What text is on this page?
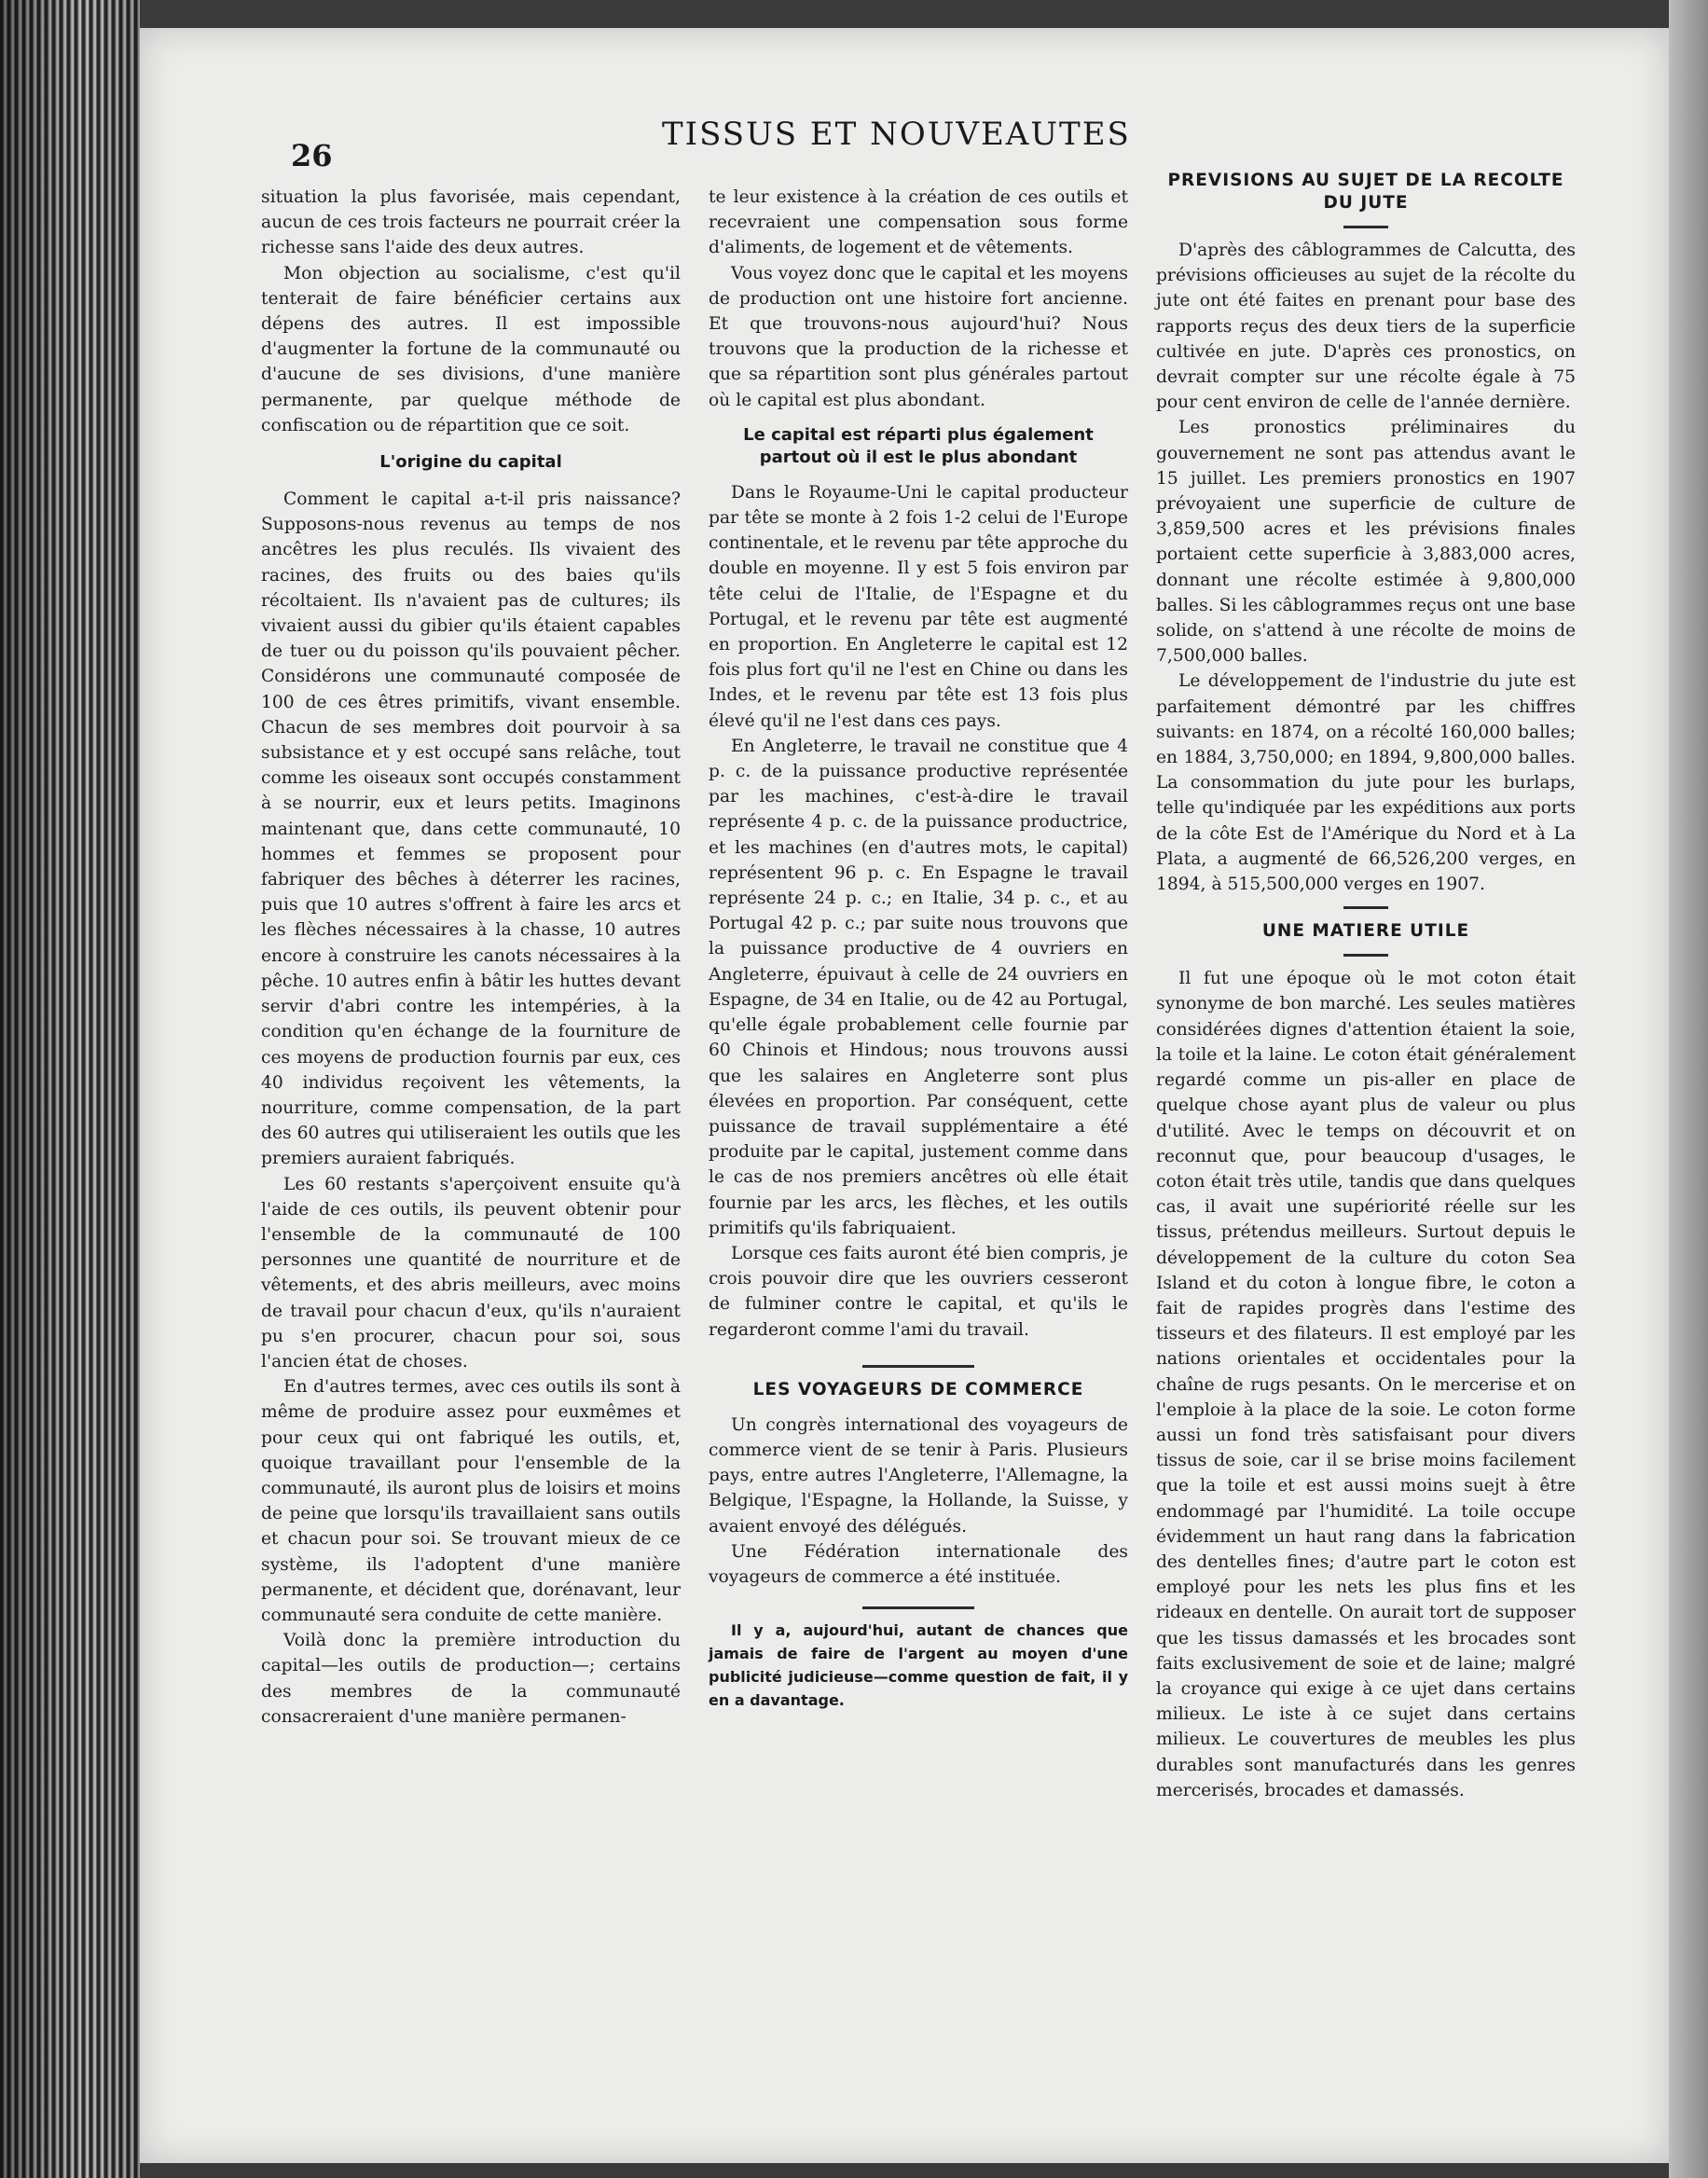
26
TISSUS ET NOUVEAUTES

situation la plus favorisée, mais cependant, aucun de ces trois facteurs ne pourrait créer la richesse sans l'aide des deux autres.

Mon objection au socialisme, c'est qu'il tenterait de faire bénéficier certains aux dépens des autres. Il est impossible d'augmenter la fortune de la communauté ou d'aucune de ses divisions, d'une manière permanente, par quelque méthode de confiscation ou de répartition que ce soit.

L'origine du capital

Comment le capital a-t-il pris naissance? Supposons-nous revenus au temps de nos ancêtres les plus reculés. Ils vivaient des racines, des fruits ou des baies qu'ils récoltaient. Ils n'avaient pas de cultures; ils vivaient aussi du gibier qu'ils étaient capables de tuer ou du poisson qu'ils pouvaient pêcher. Considérons une communauté composée de 100 de ces êtres primitifs, vivant ensemble. Chacun de ses membres doit pourvoir à sa subsistance et y est occupé sans relâche, tout comme les oiseaux sont occupés constamment à se nourrir, eux et leurs petits. Imaginons maintenant que, dans cette communauté, 10 hommes et femmes se proposent pour fabriquer des bêches à déterrer les racines, puis que 10 autres s'offrent à faire les arcs et les flèches nécessaires à la chasse, 10 autres encore à construire les canots nécessaires à la pêche. 10 autres enfin à bâtir les huttes devant servir d'abri contre les intempéries, à la condition qu'en échange de la fourniture de ces moyens de production fournis par eux, ces 40 individus reçoivent les vêtements, la nourriture, comme compensation, de la part des 60 autres qui utiliseraient les outils que les premiers auraient fabriqués.

Les 60 restants s'aperçoivent ensuite qu'à l'aide de ces outils, ils peuvent obtenir pour l'ensemble de la communauté de 100 personnes une quantité de nourriture et de vêtements, et des abris meilleurs, avec moins de travail pour chacun d'eux, qu'ils n'auraient pu s'en procurer, chacun pour soi, sous l'ancien état de choses.

En d'autres termes, avec ces outils ils sont à même de produire assez pour euxmêmes et pour ceux qui ont fabriqué les outils, et, quoique travaillant pour l'ensemble de la communauté, ils auront plus de loisirs et moins de peine que lorsqu'ils travaillaient sans outils et chacun pour soi. Se trouvant mieux de ce système, ils l'adoptent d'une manière permanente, et décident que, dorénavant, leur communauté sera conduite de cette manière.

Voilà donc la première introduction du capital—les outils de production—; certains des membres de la communauté consacreraient d'une manière permanen-

te leur existence à la création de ces outils et recevraient une compensation sous forme d'aliments, de logement et de vêtements.

Vous voyez donc que le capital et les moyens de production ont une histoire fort ancienne. Et que trouvons-nous aujourd'hui? Nous trouvons que la production de la richesse et que sa répartition sont plus générales partout où le capital est plus abondant.

Le capital est réparti plus également partout où il est le plus abondant

Dans le Royaume-Uni le capital producteur par tête se monte à 2 fois 1-2 celui de l'Europe continentale, et le revenu par tête approche du double en moyenne. Il y est 5 fois environ par tête celui de l'Italie, de l'Espagne et du Portugal, et le revenu par tête est augmenté en proportion. En Angleterre le capital est 12 fois plus fort qu'il ne l'est en Chine ou dans les Indes, et le revenu par tête est 13 fois plus élevé qu'il ne l'est dans ces pays.

En Angleterre, le travail ne constitue que 4 p. c. de la puissance productive représentée par les machines, c'est-à-dire le travail représente 4 p. c. de la puissance productrice, et les machines (en d'autres mots, le capital) représentent 96 p. c. En Espagne le travail représente 24 p. c.; en Italie, 34 p. c., et au Portugal 42 p. c.; par suite nous trouvons que la puissance productive de 4 ouvriers en Angleterre, épuivaut à celle de 24 ouvriers en Espagne, de 34 en Italie, ou de 42 au Portugal, qu'elle égale probablement celle fournie par 60 Chinois et Hindous; nous trouvons aussi que les salaires en Angleterre sont plus élevées en proportion. Par conséquent, cette puissance de travail supplémentaire a été produite par le capital, justement comme dans le cas de nos premiers ancêtres où elle était fournie par les arcs, les flèches, et les outils primitifs qu'ils fabriquaient.

Lorsque ces faits auront été bien compris, je crois pouvoir dire que les ouvriers cesseront de fulminer contre le capital, et qu'ils le regarderont comme l'ami du travail.

LES VOYAGEURS DE COMMERCE

Un congrès international des voyageurs de commerce vient de se tenir à Paris. Plusieurs pays, entre autres l'Angleterre, l'Allemagne, la Belgique, l'Espagne, la Hollande, la Suisse, y avaient envoyé des délégués.

Une Fédération internationale des voyageurs de commerce a été instituée.

Il y a, aujourd'hui, autant de chances que jamais de faire de l'argent au moyen d'une publicité judicieuse—comme question de fait, il y en a davantage.

PREVISIONS AU SUJET DE LA RECOLTE DU JUTE

D'après des câblogrammes de Calcutta, des prévisions officieuses au sujet de la récolte du jute ont été faites en prenant pour base des rapports reçus des deux tiers de la superficie cultivée en jute. D'après ces pronostics, on devrait compter sur une récolte égale à 75 pour cent environ de celle de l'année dernière.

Les pronostics préliminaires du gouvernement ne sont pas attendus avant le 15 juillet. Les premiers pronostics en 1907 prévoyaient une superficie de culture de 3,859,500 acres et les prévisions finales portaient cette superficie à 3,883,000 acres, donnant une récolte estimée à 9,800,000 balles. Si les câblogrammes reçus ont une base solide, on s'attend à une récolte de moins de 7,500,000 balles.

Le développement de l'industrie du jute est parfaitement démontré par les chiffres suivants: en 1874, on a récolté 160,000 balles; en 1884, 3,750,000; en 1894, 9,800,000 balles. La consommation du jute pour les burlaps, telle qu'indiquée par les expéditions aux ports de la côte Est de l'Amérique du Nord et à La Plata, a augmenté de 66,526,200 verges, en 1894, à 515,500,000 verges en 1907.

UNE MATIERE UTILE

Il fut une époque où le mot coton était synonyme de bon marché. Les seules matières considérées dignes d'attention étaient la soie, la toile et la laine. Le coton était généralement regardé comme un pis-aller en place de quelque chose ayant plus de valeur ou plus d'utilité. Avec le temps on découvrit et on reconnut que, pour beaucoup d'usages, le coton était très utile, tandis que dans quelques cas, il avait une supériorité réelle sur les tissus, prétendus meilleurs. Surtout depuis le développement de la culture du coton Sea Island et du coton à longue fibre, le coton a fait de rapides progrès dans l'estime des tisseurs et des filateurs. Il est employé par les nations orientales et occidentales pour la chaîne de rugs pesants. On le mercerise et on l'emploie à la place de la soie. Le coton forme aussi un fond très satisfaisant pour divers tissus de soie, car il se brise moins facilement que la toile et est aussi moins suejt à être endommagé par l'humidité. La toile occupe évidemment un haut rang dans la fabrication des dentelles fines; d'autre part le coton est employé pour les nets les plus fins et les rideaux en dentelle. On aurait tort de supposer que les tissus damassés et les brocades sont faits exclusivement de soie et de laine; malgré la croyance qui exige à ce ujet dans certains milieux. Le iste à ce sujet dans certains milieux. Le couvertures de meubles les plus durables sont manufacturés dans les genres mercerisés, brocades et damassés.
